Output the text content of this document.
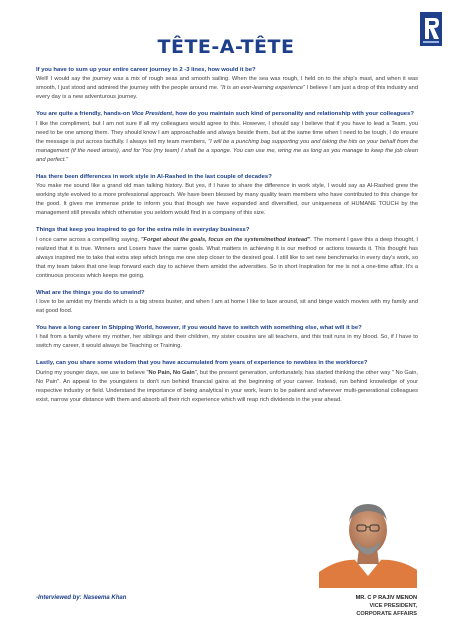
TÊTE-A-TÊTE

If you have to sum up your entire career journey in 2 -3 lines, how would it be?

Well! I would say the journey was a mix of rough seas and smooth sailing. When the sea was rough, I held on to the ship's mast, and when it was smooth, I just stood and admired the journey with the people around me. "It is an ever-learning experience" I believe I am just a drop of this industry and every day is a new adventurous journey.

You are quite a friendly, hands-on Vice President, how do you maintain such kind of personality and relationship with your colleagues?

I like the compliment, but I am not sure if all my colleagues would agree to this. However, I should say I believe that if you have to lead a Team, you need to be one among them. They should know I am approachable and always beside them, but at the same time when I need to be tough, I do ensure the message is put across tactfully. I always tell my team members, "I will be a punching bag supporting you and taking the hits on your behalf from the management (if the need arises), and for You (my team) I shall be a sponge. You can use me, wring me as long as you manage to keep the job clean and perfect."

Has there been differences in work style in Al-Rashed in the last couple of decades?

You make me sound like a grand old man talking history. But yes, if I have to share the difference in work style, I would say as Al-Rashed grew the working style evolved to a more professional approach. We have been blessed by many quality team members who have contributed to this change for the good. It gives me immense pride to inform you that though we have expanded and diversified, our uniqueness of HUMANE TOUCH by the management still prevails which otherwise you seldom would find in a company of this size.

Things that keep you inspired to go for the extra mile in everyday business?

I once came across a compelling saying, "Forget about the goals, focus on the system/method instead". The moment I gave this a deep thought, I realized that it is true. Winners and Losers have the same goals. What matters in achieving it is our method or actions towards it. This thought has always inspired me to take that extra step which brings me one step closer to the desired goal. I still like to set new benchmarks in every day's work, so that my team takes that one leap forward each day to achieve them amidst the adversities. So in short Inspiration for me is not a one-time affair. It's a continuous process which keeps me going.

What are the things you do to unwind?

I love to be amidst my friends which is a big stress buster, and when I am at home I like to laze around, sit and binge watch movies with my family and eat good food.

You have a long career in Shipping World, however, if you would have to switch with something else, what will it be?

I hail from a family where my mother, her siblings and their children, my sister cousins are all teachers, and this trait runs in my blood. So, if I have to switch my career, it would always be Teaching or Training.

Lastly, can you share some wisdom that you have accumulated from years of experience to newbies in the workforce?

During my younger days, we use to believe "No Pain, No Gain", but the present generation, unfortunately, has started thinking the other way " No Gain, No Pain". An appeal to the youngsters is don't run behind financial gains at the beginning of your career. Instead, run behind knowledge of your respective industry or field. Understand the importance of being analytical in your work, learn to be patient and wherever multi-generational colleagues exist, narrow your distance with them and absorb all their rich experience which will reap rich dividends in the year ahead.

-Interviewed by: Naseema Khan	MR. C P RAJIV MENON
VICE PRESIDENT,
CORPORATE AFFAIRS
